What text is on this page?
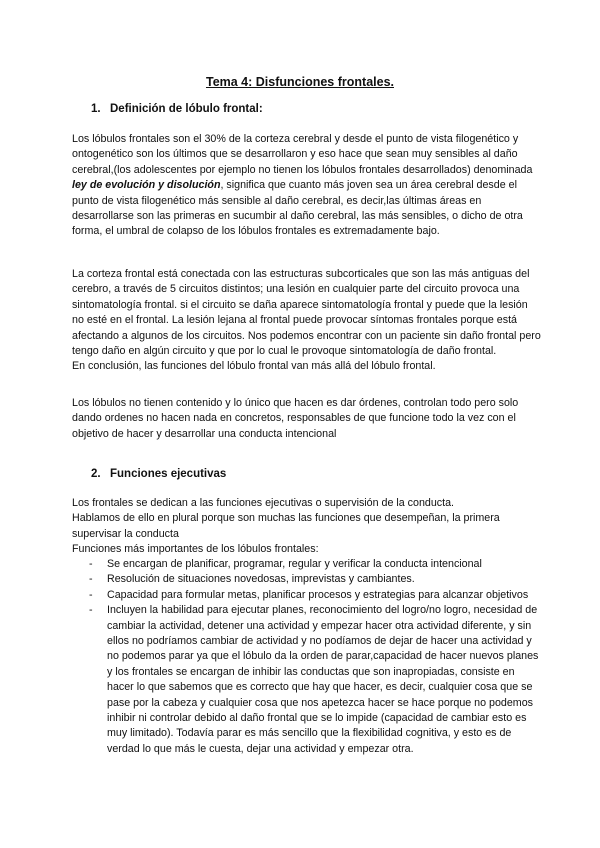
Tema 4: Disfunciones frontales.
1. Definición de lóbulo frontal:

Los lóbulos frontales son el 30% de la corteza cerebral y desde el punto de vista filogenético y ontogenético son los últimos que se desarrollaron y eso hace que sean muy sensibles al daño cerebral,(los adolescentes por ejemplo no tienen los lóbulos frontales desarrollados) denominada ley de evolución y disolución, significa que cuanto más joven sea un área cerebral desde el punto de vista filogenético más sensible al daño cerebral, es decir,las últimas áreas en desarrollarse son las primeras en sucumbir al daño cerebral, las más sensibles, o dicho de otra forma, el umbral de colapso de los lóbulos frontales es extremadamente bajo.

La corteza frontal está conectada con las estructuras subcorticales que son las más antiguas del cerebro, a través de 5 circuitos distintos; una lesión en cualquier parte del circuito provoca una sintomatología frontal. si el circuito se daña aparece sintomatología frontal y puede que la lesión no esté en el frontal. La lesión lejana al frontal puede provocar síntomas frontales porque está afectando a algunos de los circuitos. Nos podemos encontrar con un paciente sin daño frontal pero tengo daño en algún circuito y que por lo cual le provoque sintomatología de daño frontal.
En conclusión, las funciones del lóbulo frontal van más allá del lóbulo frontal.

Los lóbulos no tienen contenido y lo único que hacen es dar órdenes, controlan todo pero solo dando ordenes no hacen nada en concretos, responsables de que funcione todo la vez con el objetivo de hacer y desarrollar una conducta intencional

2. Funciones ejecutivas

Los frontales se dedican a las funciones ejecutivas o supervisión de la conducta.
Hablamos de ello en plural porque son muchas las funciones que desempeñan, la primera supervisar la conducta
Funciones más importantes de los lóbulos frontales:

- Se encargan de planificar, programar, regular y verificar la conducta intencional
- Resolución de situaciones novedosas, imprevistas y cambiantes.
- Capacidad para formular metas, planificar procesos y estrategias para alcanzar objetivos
- Incluyen la habilidad para ejecutar planes, reconocimiento del logro/no logro, necesidad de cambiar la actividad, detener una actividad y empezar hacer otra actividad diferente, y sin ellos no podríamos cambiar de actividad y no podíamos de dejar de hacer una actividad y no podemos parar ya que el lóbulo da la orden de parar,capacidad de hacer nuevos planes y los frontales se encargan de inhibir las conductas que son inapropiadas, consiste en hacer lo que sabemos que es correcto que hay que hacer, es decir, cualquier cosa que se pase por la cabeza y cualquier cosa que nos apetezca hacer se hace porque no podemos inhibir ni controlar debido al daño frontal que se lo impide (capacidad de cambiar esto es muy limitado). Todavía parar es más sencillo que la flexibilidad cognitiva, y esto es de verdad lo que más le cuesta, dejar una actividad y empezar otra.
